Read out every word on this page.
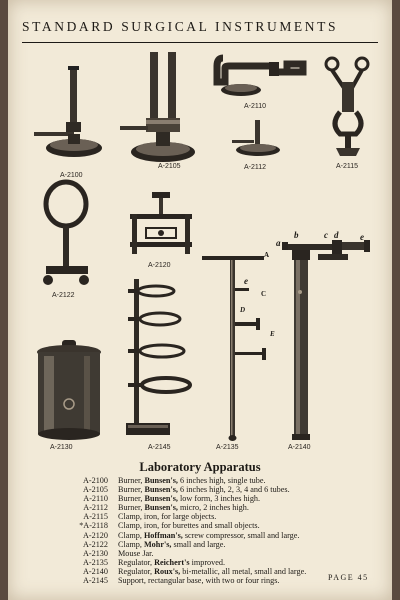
STANDARD SURGICAL INSTRUMENTS
A-2100
A-2105
A-2110
A-2112	A-2115
A-2122
A-2120
A-2130	A-2145
A
e
C
D
E
A-2135
a
b	c d e
A-2140
Laboratory Apparatus
A-2100 Burner, Bunsen's, 6 inches high, single tube.
A-2105 Burner, Bunsen's, 6 inches high, 2, 3, 4 and 6 tubes.
A-2110 Burner, Bunsen's, low form, 3 inches high.
A-2112 Burner, Bunsen's, micro, 2 inches high.
A-2115 Clamp, iron, for large objects.
*A-2118 Clamp, iron, for burettes and small objects.
A-2120 Clamp, Hoffman's, screw compressor, small and large.
A-2122 Clamp, Mohr's, small and large.
A-2130 Mouse Jar.
A-2135 Regulator, Reichert's improved.
A-2140 Regulator, Roux's, bi-metallic, all metal, small and large.
A-2145 Support, rectangular base, with two or four rings.	PAGE 45
